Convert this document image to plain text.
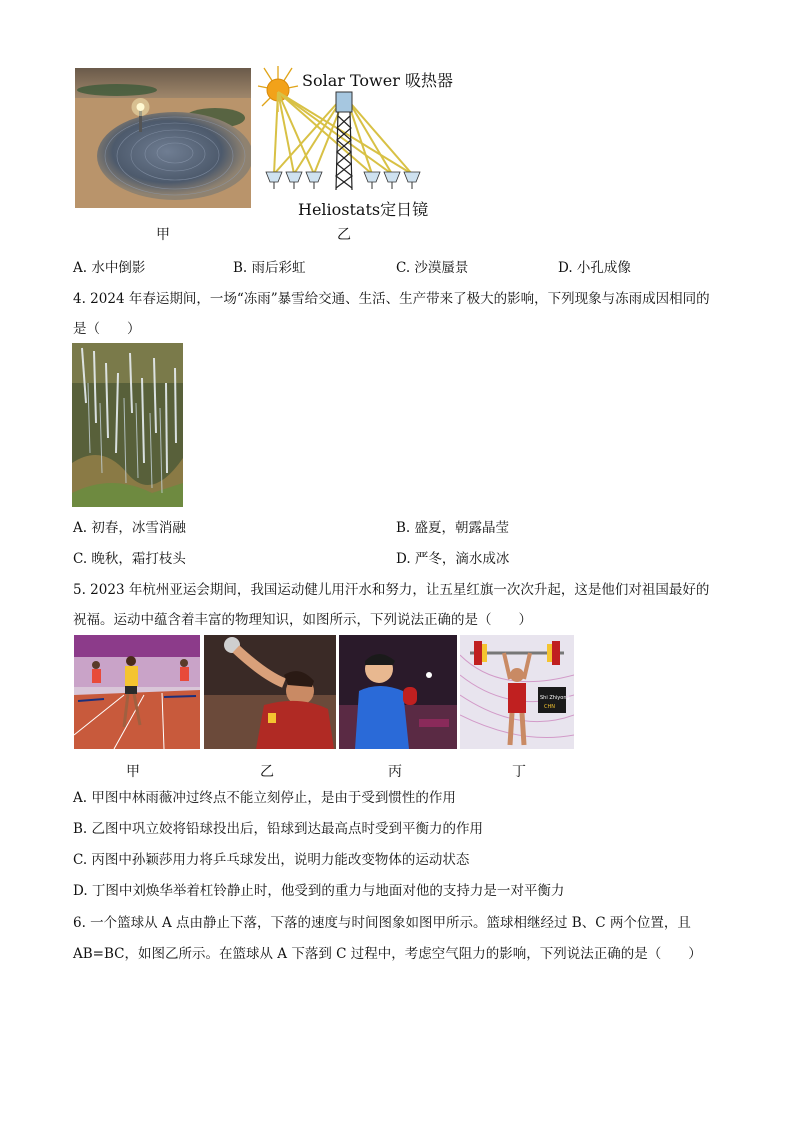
Solar Tower 吸热器
Heliostats定日镜
甲	乙
A. 水中倒影	B. 雨后彩虹	C. 沙漠蜃景	D. 小孔成像
4. 2024 年春运期间，一场“冻雨”暴雪给交通、生活、生产带来了极大的影响，下列现象与冻雨成因相同的
是（　　）
A. 初春，冰雪消融	B. 盛夏，朝露晶莹
C. 晚秋，霜打枝头	D. 严冬，滴水成冰
5. 2023 年杭州亚运会期间，我国运动健儿用汗水和努力，让五星红旗一次次升起，这是他们对祖国最好的
祝福。运动中蕴含着丰富的物理知识，如图所示，下列说法正确的是（　　）
Shi Zhiyong
CHN
甲	乙	丙	丁
A. 甲图中林雨薇冲过终点不能立刻停止，是由于受到惯性的作用
B. 乙图中巩立姣将铅球投出后，铅球到达最高点时受到平衡力的作用
C. 丙图中孙颖莎用力将乒乓球发出，说明力能改变物体的运动状态
D. 丁图中刘焕华举着杠铃静止时，他受到的重力与地面对他的支持力是一对平衡力
6. 一个篮球从 A 点由静止下落，下落的速度与时间图象如图甲所示。篮球相继经过 B、C 两个位置，且
AB=BC，如图乙所示。在篮球从 A 下落到 C 过程中，考虑空气阻力的影响，下列说法正确的是（　　）
